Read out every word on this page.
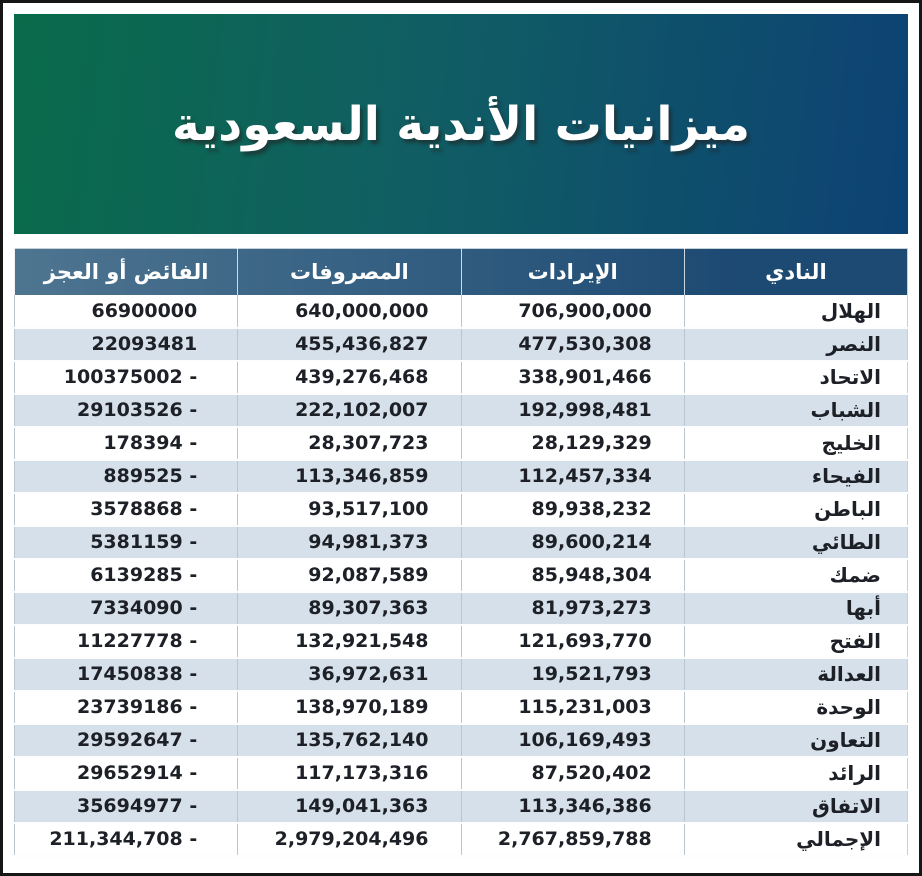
ميزانيات الأندية السعودية
النادي	الإيرادات	المصروفات	الفائض أو العجز
الهلال	706,900,000	640,000,000	66900000
النصر	477,530,308	455,436,827	22093481
الاتحاد	338,901,466	439,276,468	100375002 -
الشباب	192,998,481	222,102,007	29103526 -
الخليج	28,129,329	28,307,723	178394 -
الفيحاء	112,457,334	113,346,859	889525 -
الباطن	89,938,232	93,517,100	3578868 -
الطائي	89,600,214	94,981,373	5381159 -
ضمك	85,948,304	92,087,589	6139285 -
أبها	81,973,273	89,307,363	7334090 -
الفتح	121,693,770	132,921,548	11227778 -
العدالة	19,521,793	36,972,631	17450838 -
الوحدة	115,231,003	138,970,189	23739186 -
التعاون	106,169,493	135,762,140	29592647 -
الرائد	87,520,402	117,173,316	29652914 -
الاتفاق	113,346,386	149,041,363	35694977 -
الإجمالي	2,767,859,788	2,979,204,496	211,344,708 -
